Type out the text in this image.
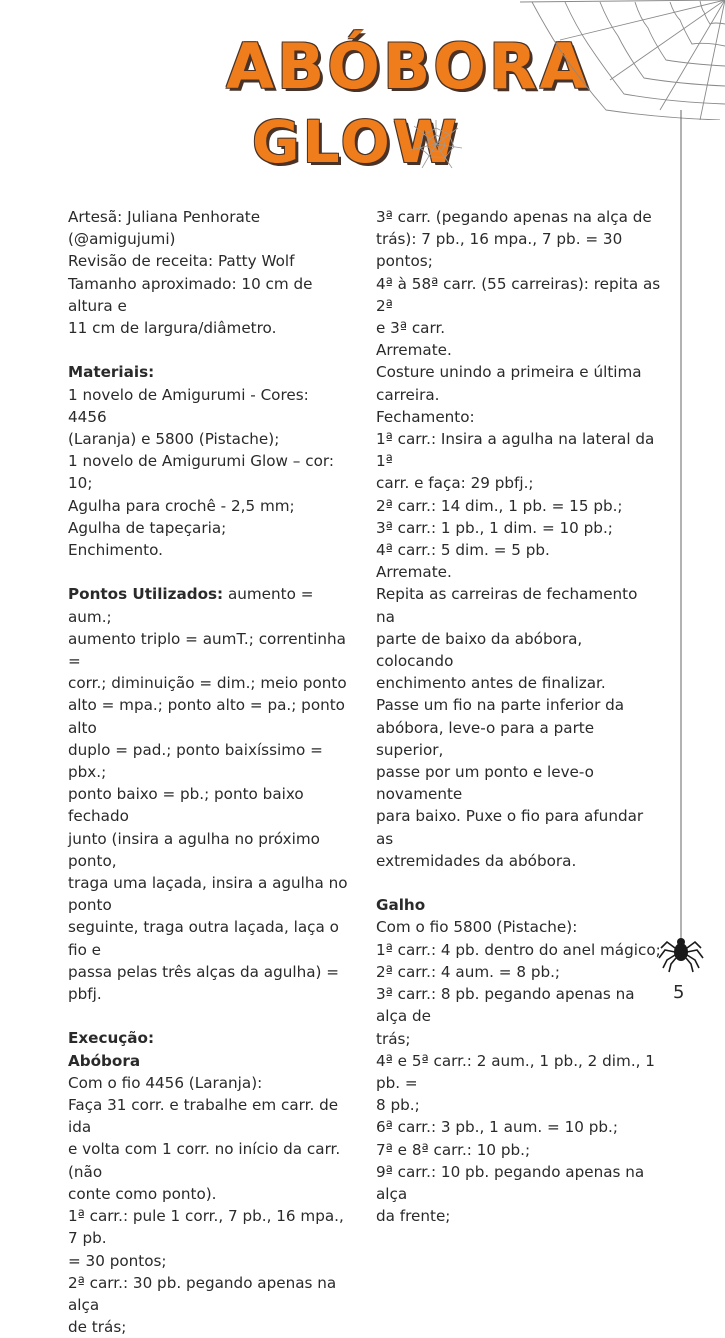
ABÓBORA
GLOW

Artesã: Juliana Penhorate

(@amigujumi)

Revisão de receita: Patty Wolf

Tamanho aproximado: 10 cm de altura e

11 cm de largura/diâmetro.

Materiais:

1 novelo de Amigurumi - Cores: 4456

(Laranja) e 5800 (Pistache);

1 novelo de Amigurumi Glow – cor: 10;

Agulha para crochê - 2,5 mm;

Agulha de tapeçaria;

Enchimento.

Pontos Utilizados: aumento = aum.;

aumento triplo = aumT.; correntinha =

corr.; diminuição = dim.; meio ponto

alto = mpa.; ponto alto = pa.; ponto alto

duplo = pad.; ponto baixíssimo = pbx.;

ponto baixo = pb.; ponto baixo fechado

junto (insira a agulha no próximo ponto,

traga uma laçada, insira a agulha no ponto

seguinte, traga outra laçada, laça o fio e

passa pelas três alças da agulha) = pbfj.

Execução:

Abóbora

Com o fio 4456 (Laranja):

Faça 31 corr. e trabalhe em carr. de ida

e volta com 1 corr. no início da carr. (não

conte como ponto).

1ª carr.: pule 1 corr., 7 pb., 16 mpa., 7 pb.

= 30 pontos;

2ª carr.: 30 pb. pegando apenas na alça

de trás;

3ª carr. (pegando apenas na alça de

trás): 7 pb., 16 mpa., 7 pb. = 30 pontos;

4ª à 58ª carr. (55 carreiras): repita as 2ª

e 3ª carr.

Arremate.

Costure unindo a primeira e última

carreira.

Fechamento:

1ª carr.: Insira a agulha na lateral da 1ª

carr. e faça: 29 pbfj.;

2ª carr.: 14 dim., 1 pb. = 15 pb.;

3ª carr.: 1 pb., 1 dim. = 10 pb.;

4ª carr.: 5 dim. = 5 pb.

Arremate.

Repita as carreiras de fechamento na

parte de baixo da abóbora, colocando

enchimento antes de finalizar.

Passe um fio na parte inferior da

abóbora, leve-o para a parte superior,

passe por um ponto e leve-o novamente

para baixo. Puxe o fio para afundar as

extremidades da abóbora.

Galho

Com o fio 5800 (Pistache):

1ª carr.: 4 pb. dentro do anel mágico;

2ª carr.: 4 aum. = 8 pb.;

3ª carr.: 8 pb. pegando apenas na alça de

trás;

4ª e 5ª carr.: 2 aum., 1 pb., 2 dim., 1 pb. =

8 pb.;

6ª carr.: 3 pb., 1 aum. = 10 pb.;

7ª e 8ª carr.: 10 pb.;

9ª carr.: 10 pb. pegando apenas na alça

da frente;

5
